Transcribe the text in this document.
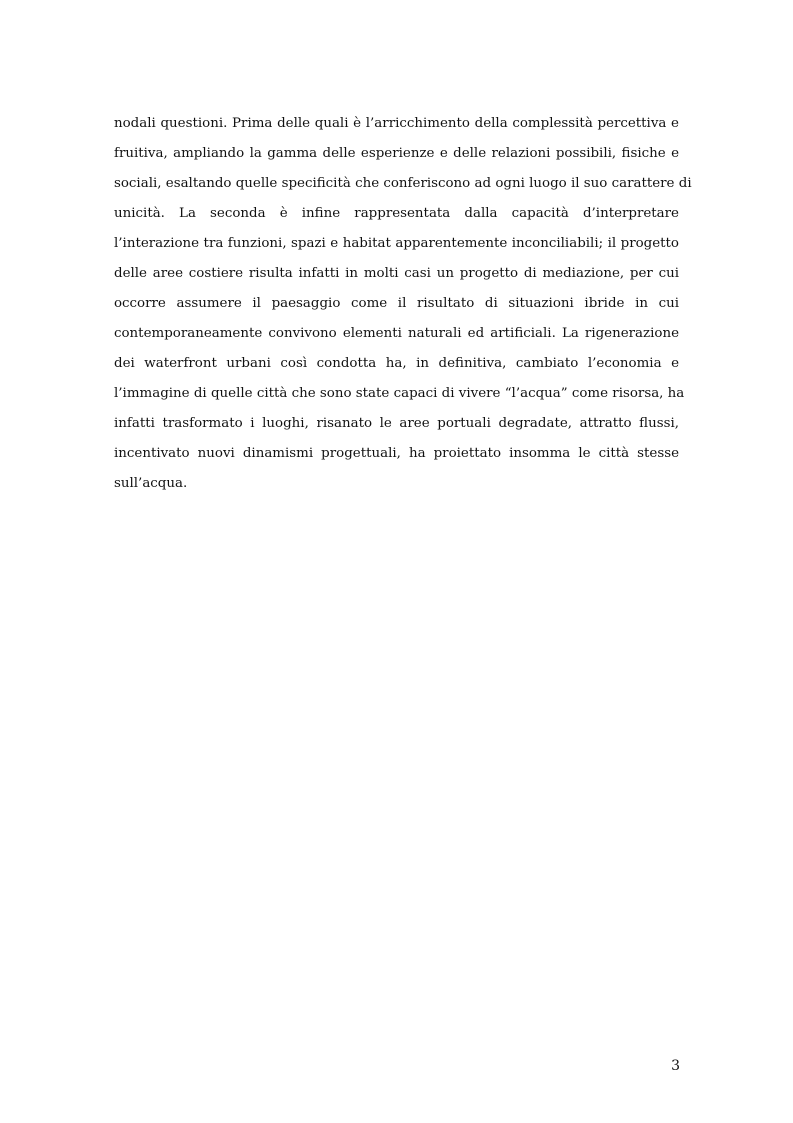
nodali questioni. Prima delle quali è l’arricchimento della complessità percettiva e
fruitiva, ampliando la gamma delle esperienze e delle relazioni possibili, fisiche e
sociali, esaltando quelle specificità che conferiscono ad ogni luogo il suo carattere di
unicità. La seconda è infine rappresentata dalla capacità d’interpretare
l’interazione tra funzioni, spazi e habitat apparentemente inconciliabili; il progetto
delle aree costiere risulta infatti in molti casi un progetto di mediazione, per cui
occorre assumere il paesaggio come il risultato di situazioni ibride in cui
contemporaneamente convivono elementi naturali ed artificiali. La rigenerazione
dei waterfront urbani così condotta ha, in definitiva, cambiato l’economia e
l’immagine di quelle città che sono state capaci di vivere “l’acqua” come risorsa, ha
infatti trasformato i luoghi, risanato le aree portuali degradate, attratto flussi,
incentivato nuovi dinamismi progettuali, ha proiettato insomma le città stesse
sull’acqua.
3
